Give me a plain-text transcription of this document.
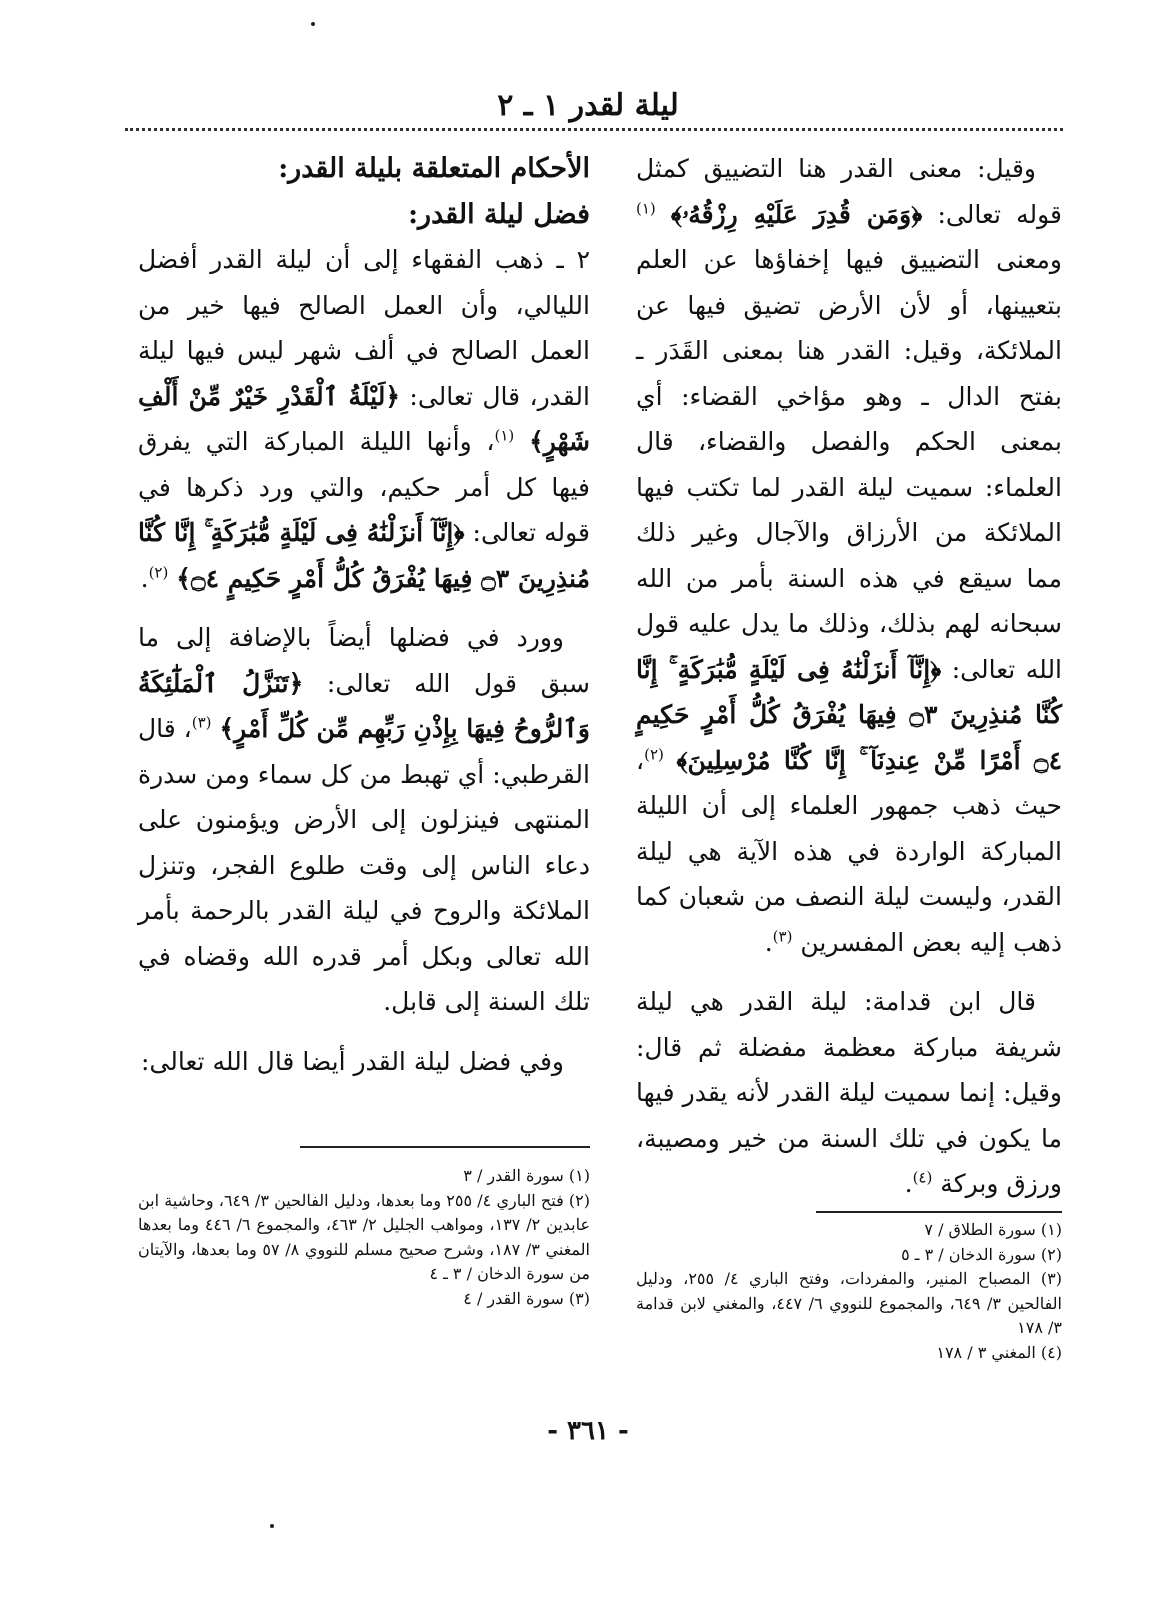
ليلة لقدر ١ ـ ٢

وقيل: معنى القدر هنا التضييق كمثل قوله تعالى: ﴿وَمَن قُدِرَ عَلَيْهِ رِزْقُهُۥ﴾ $^{(١)}$ ومعنى التضييق فيها إخفاؤها عن العلم بتعيينها، أو لأن الأرض تضيق فيها عن الملائكة، وقيل: القدر هنا بمعنى القَدَر ـ بفتح الدال ـ وهو مؤاخي القضاء: أي بمعنى الحكم والفصل والقضاء، قال العلماء: سميت ليلة القدر لما تكتب فيها الملائكة من الأرزاق والآجال وغير ذلك مما سيقع في هذه السنة بأمر من الله سبحانه لهم بذلك، وذلك ما يدل عليه قول الله تعالى: ﴿إِنَّآ أَنزَلْنَٰهُ فِى لَيْلَةٍ مُّبَٰرَكَةٍ ۚ إِنَّا كُنَّا مُنذِرِينَ ۝٣ فِيهَا يُفْرَقُ كُلُّ أَمْرٍ حَكِيمٍ ۝٤ أَمْرًا مِّنْ عِندِنَآ ۚ إِنَّا كُنَّا مُرْسِلِينَ﴾ $^{(٢)}$، حيث ذهب جمهور العلماء إلى أن الليلة المباركة الواردة في هذه الآية هي ليلة القدر، وليست ليلة النصف من شعبان كما ذهب إليه بعض المفسرين $^{(٣)}$.

قال ابن قدامة: ليلة القدر هي ليلة شريفة مباركة معظمة مفضلة ثم قال: وقيل: إنما سميت ليلة القدر لأنه يقدر فيها ما يكون في تلك السنة من خير ومصيبة، ورزق وبركة $^{(٤)}$.

الأحكام المتعلقة بليلة القدر:

فضل ليلة القدر:

٢ ـ ذهب الفقهاء إلى أن ليلة القدر أفضل الليالي، وأن العمل الصالح فيها خير من العمل الصالح في ألف شهر ليس فيها ليلة القدر، قال تعالى: ﴿لَيْلَةُ ٱلْقَدْرِ خَيْرٌ مِّنْ أَلْفِ شَهْرٍ﴾ $^{(١)}$، وأنها الليلة المباركة التي يفرق فيها كل أمر حكيم، والتي ورد ذكرها في قوله تعالى: ﴿إِنَّآ أَنزَلْنَٰهُ فِى لَيْلَةٍ مُّبَٰرَكَةٍ ۚ إِنَّا كُنَّا مُنذِرِينَ ۝٣ فِيهَا يُفْرَقُ كُلُّ أَمْرٍ حَكِيمٍ ۝٤﴾ $^{(٢)}$.

وورد في فضلها أيضاً بالإضافة إلى ما سبق قول الله تعالى: ﴿تَنَزَّلُ ٱلْمَلَٰٓئِكَةُ وَٱلرُّوحُ فِيهَا بِإِذْنِ رَبِّهِم مِّن كُلِّ أَمْرٍ﴾ $^{(٣)}$، قال القرطبي: أي تهبط من كل سماء ومن سدرة المنتهى فينزلون إلى الأرض ويؤمنون على دعاء الناس إلى وقت طلوع الفجر، وتنزل الملائكة والروح في ليلة القدر بالرحمة بأمر الله تعالى وبكل أمر قدره الله وقضاه في تلك السنة إلى قابل.

وفي فضل ليلة القدر أيضا قال الله تعالى:

(١) سورة الطلاق / ٧
(٢) سورة الدخان / ٣ ـ ٥
(٣) المصباح المنير، والمفردات، وفتح الباري ٤/ ٢٥٥، ودليل الفالحين ٣/ ٦٤٩، والمجموع للنووي ٦/ ٤٤٧، والمغني لابن قدامة ٣/ ١٧٨
(٤) المغني ٣ / ١٧٨
(١) سورة القدر / ٣
(٢) فتح الباري ٤/ ٢٥٥ وما بعدها، ودليل الفالحين ٣/ ٦٤٩، وحاشية ابن عابدين ٢/ ١٣٧، ومواهب الجليل ٢/ ٤٦٣، والمجموع ٦/ ٤٤٦ وما بعدها المغني ٣/ ١٨٧، وشرح صحيح مسلم للنووي ٨/ ٥٧ وما بعدها، والآيتان من سورة الدخان / ٣ ـ ٤
(٣) سورة القدر / ٤
- ٣٦١ -
